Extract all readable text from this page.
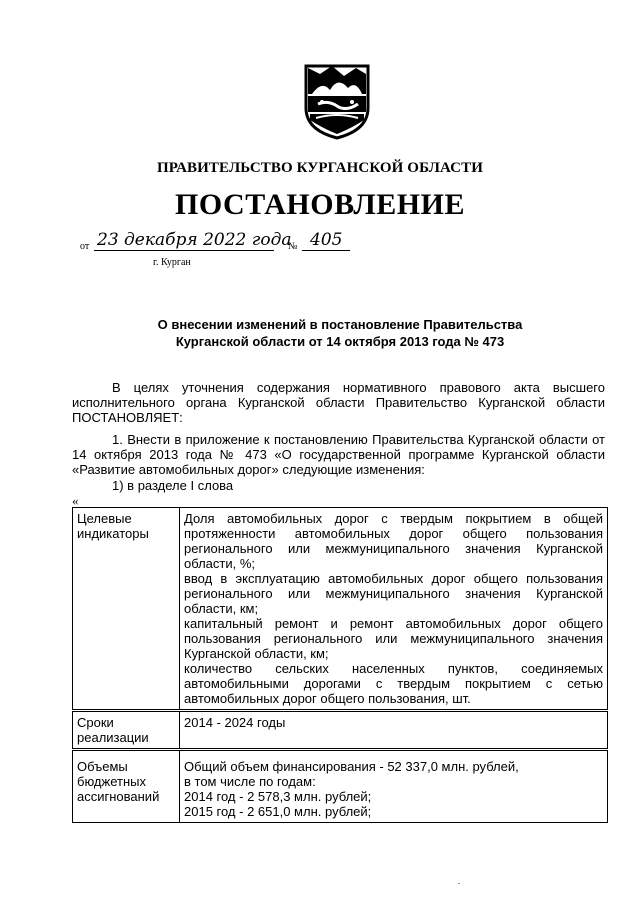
ПРАВИТЕЛЬСТВО КУРГАНСКОЙ ОБЛАСТИ
ПОСТАНОВЛЕНИЕ
от 23 декабря 2022 года
№ 405
г. Курган
О внесении изменений в постановление Правительства
Курганской области от 14 октября 2013 года № 473
В целях уточнения содержания нормативного правового акта высшего исполнительного органа Курганской области Правительство Курганской области ПОСТАНОВЛЯЕТ:
1. Внести в приложение к постановлению Правительства Курганской области от 14 октября 2013 года № 473 «О государственной программе Курганской области «Развитие автомобильных дорог» следующие изменения:
1) в разделе I слова
«
Целевые индикаторы	Доля автомобильных дорог с твердым покрытием в общей протяженности автомобильных дорог общего пользования регионального или межмуниципального значения Курганской области, %;
ввод в эксплуатацию автомобильных дорог общего пользования регионального или межмуниципального значения Курганской области, км;
капитальный ремонт и ремонт автомобильных дорог общего пользования регионального или межмуниципального значения Курганской области, км;
количество сельских населенных пунктов, соединяемых автомобильными дорогами с твердым покрытием с сетью автомобильных дорог общего пользования, шт.

Сроки реализации	2014 - 2024 годы

Объемы бюджетных ассигнований	Общий объем финансирования - 52 337,0 млн. рублей,
в том числе по годам:
2014 год - 2 578,3 млн. рублей;
2015 год - 2 651,0 млн. рублей;
